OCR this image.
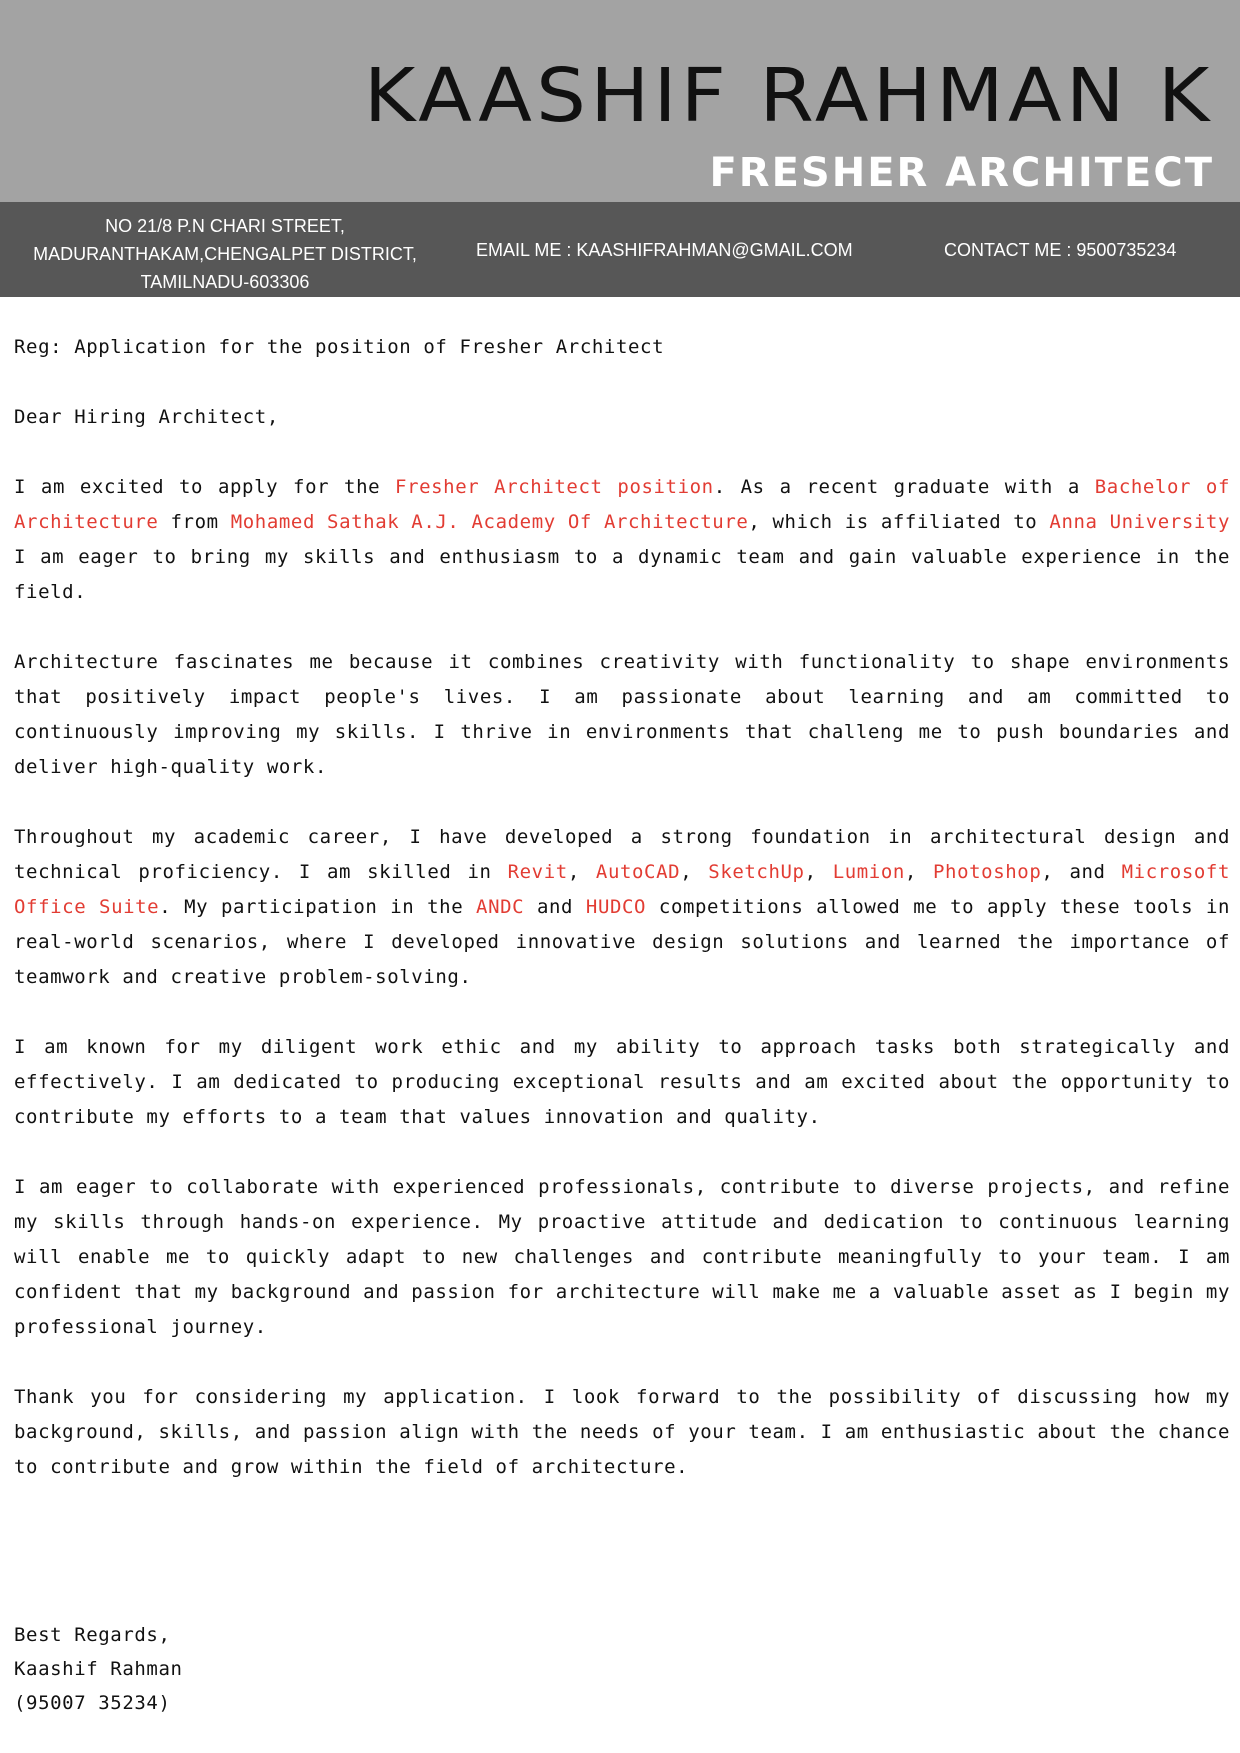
KAASHIF RAHMAN K
FRESHER ARCHITECT
NO 21/8 P.N CHARI STREET,
MADURANTHAKAM,CHENGALPET DISTRICT,
TAMILNADU-603306
EMAIL ME : KAASHIFRAHMAN@GMAIL.COM	CONTACT ME : 9500735234

Reg: Application for the position of Fresher Architect

Dear Hiring Architect,

I am excited to apply for the Fresher Architect position. As a recent graduate with a Bachelor of Architecture from Mohamed Sathak A.J. Academy Of Architecture, which is affiliated to Anna University I am eager to bring my skills and enthusiasm to a dynamic team and gain valuable experience in the field.

Architecture fascinates me because it combines creativity with functionality to shape environments that positively impact people's lives. I am passionate about learning and am committed to continuously improving my skills. I thrive in environments that challeng me to push boundaries and deliver high-quality work.

Throughout my academic career, I have developed a strong foundation in architectural design and technical proficiency. I am skilled in Revit, AutoCAD, SketchUp, Lumion, Photoshop, and Microsoft Office Suite. My participation in the ANDC and HUDCO competitions allowed me to apply these tools in real-world scenarios, where I developed innovative design solutions and learned the importance of teamwork and creative problem-solving.

I am known for my diligent work ethic and my ability to approach tasks both strategically and effectively. I am dedicated to producing exceptional results and am excited about the opportunity to contribute my efforts to a team that values innovation and quality.

I am eager to collaborate with experienced professionals, contribute to diverse projects, and refine my skills through hands-on experience. My proactive attitude and dedication to continuous learning will enable me to quickly adapt to new challenges and contribute meaningfully to your team. I am confident that my background and passion for architecture will make me a valuable asset as I begin my professional journey.

Thank you for considering my application. I look forward to the possibility of discussing how my background, skills, and passion align with the needs of your team. I am enthusiastic about the chance to contribute and grow within the field of architecture.

Best Regards,
Kaashif Rahman
(95007 35234)
